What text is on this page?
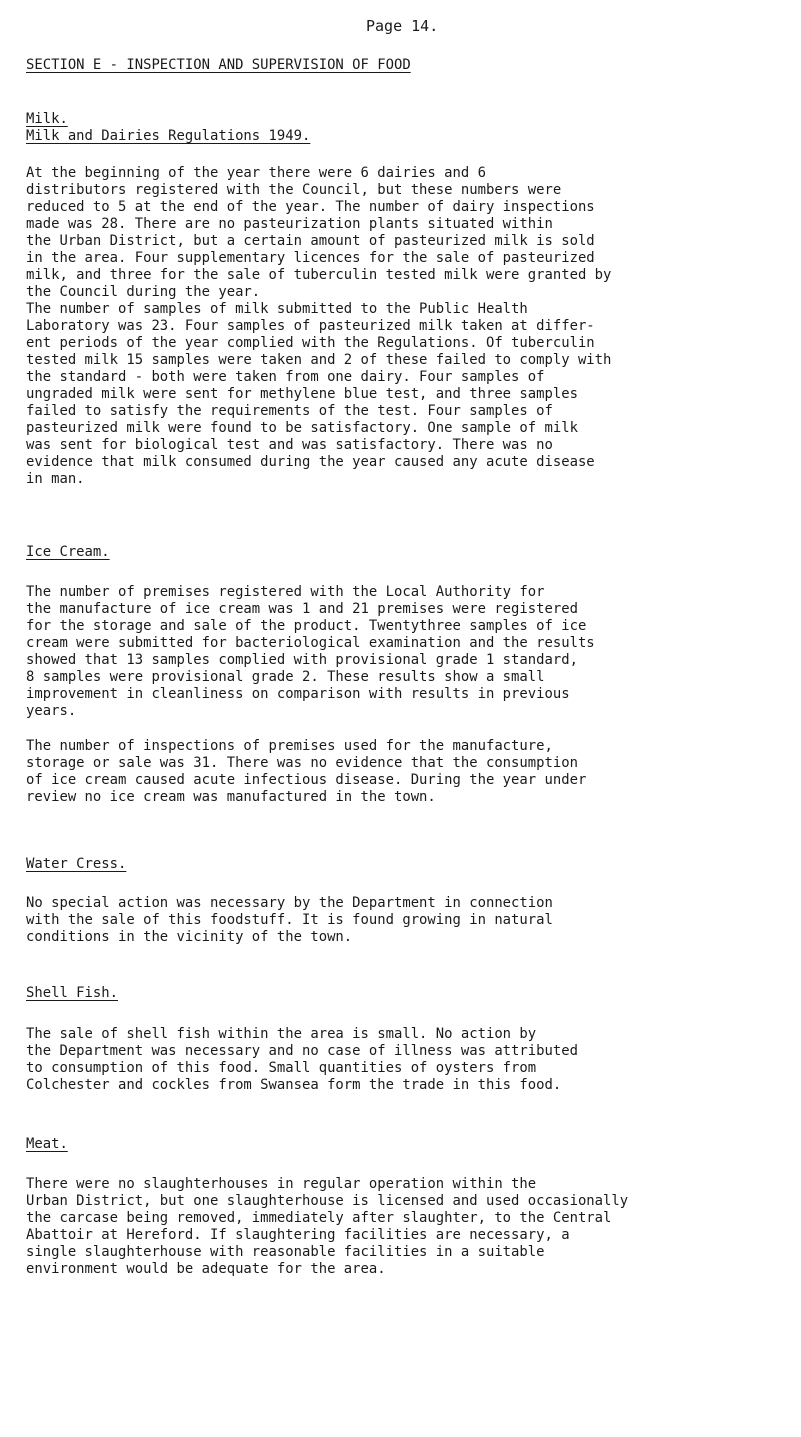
Page 14.
SECTION E - INSPECTION AND SUPERVISION OF FOOD
Milk.
Milk and Dairies Regulations 1949.
At the beginning of the year there were 6 dairies and 6
distributors registered with the Council, but these numbers were
reduced to 5 at the end of the year. The number of dairy inspections
made was 28. There are no pasteurization plants situated within
the Urban District, but a certain amount of pasteurized milk is sold
in the area. Four supplementary licences for the sale of pasteurized
milk, and three for the sale of tuberculin tested milk were granted by
the Council during the year.
The number of samples of milk submitted to the Public Health
Laboratory was 23. Four samples of pasteurized milk taken at differ-
ent periods of the year complied with the Regulations. Of tuberculin
tested milk 15 samples were taken and 2 of these failed to comply with
the standard - both were taken from one dairy. Four samples of
ungraded milk were sent for methylene blue test, and three samples
failed to satisfy the requirements of the test. Four samples of
pasteurized milk were found to be satisfactory. One sample of milk
was sent for biological test and was satisfactory. There was no
evidence that milk consumed during the year caused any acute disease
in man.
Ice Cream.
The number of premises registered with the Local Authority for
the manufacture of ice cream was 1 and 21 premises were registered
for the storage and sale of the product. Twentythree samples of ice
cream were submitted for bacteriological examination and the results
showed that 13 samples complied with provisional grade 1 standard,
8 samples were provisional grade 2. These results show a small
improvement in cleanliness on comparison with results in previous
years.
The number of inspections of premises used for the manufacture,
storage or sale was 31. There was no evidence that the consumption
of ice cream caused acute infectious disease. During the year under
review no ice cream was manufactured in the town.
Water Cress.
No special action was necessary by the Department in connection
with the sale of this foodstuff. It is found growing in natural
conditions in the vicinity of the town.
Shell Fish.
The sale of shell fish within the area is small. No action by
the Department was necessary and no case of illness was attributed
to consumption of this food. Small quantities of oysters from
Colchester and cockles from Swansea form the trade in this food.
Meat.
There were no slaughterhouses in regular operation within the
Urban District, but one slaughterhouse is licensed and used occasionally
the carcase being removed, immediately after slaughter, to the Central
Abattoir at Hereford. If slaughtering facilities are necessary, a
single slaughterhouse with reasonable facilities in a suitable
environment would be adequate for the area.
